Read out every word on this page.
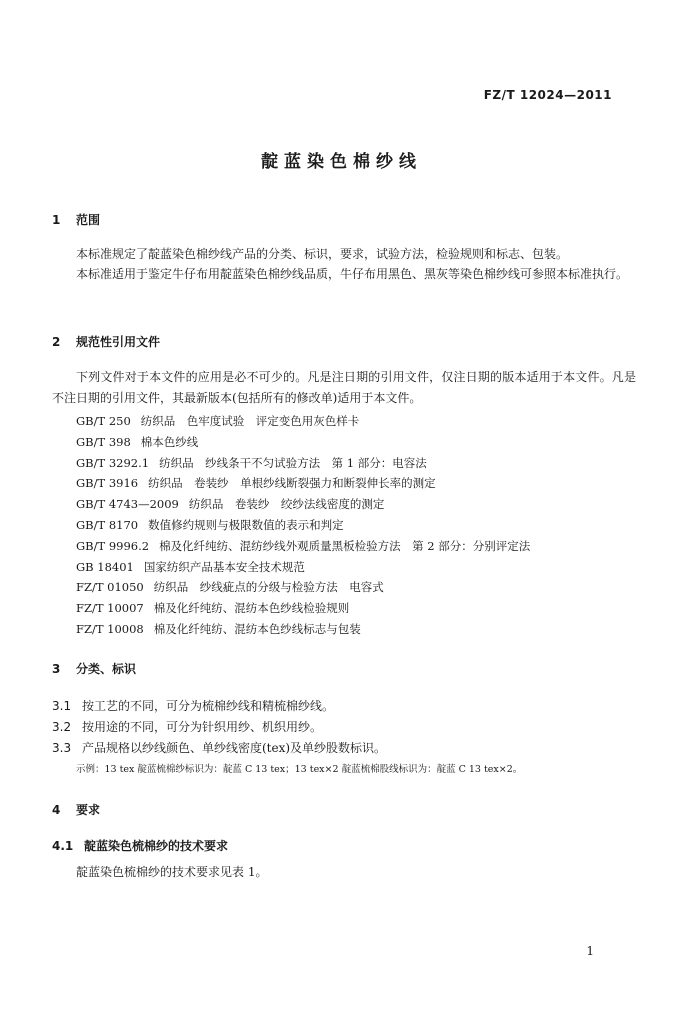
FZ/T 12024—2011
靛蓝染色棉纱线
1 范围
本标准规定了靛蓝染色棉纱线产品的分类、标识，要求，试验方法，检验规则和标志、包装。
本标准适用于鉴定牛仔布用靛蓝染色棉纱线品质，牛仔布用黑色、黑灰等染色棉纱线可参照本标准执行。
2 规范性引用文件
下列文件对于本文件的应用是必不可少的。凡是注日期的引用文件，仅注日期的版本适用于本文件。凡是不注日期的引用文件，其最新版本(包括所有的修改单)适用于本文件。
GB/T 250 纺织品　色牢度试验　评定变色用灰色样卡
GB/T 398 棉本色纱线
GB/T 3292.1 纺织品　纱线条干不匀试验方法　第 1 部分：电容法
GB/T 3916 纺织品　卷装纱　单根纱线断裂强力和断裂伸长率的测定
GB/T 4743—2009 纺织品　卷装纱　绞纱法线密度的测定
GB/T 8170 数值修约规则与极限数值的表示和判定
GB/T 9996.2 棉及化纤纯纺、混纺纱线外观质量黑板检验方法　第 2 部分：分别评定法
GB 18401 国家纺织产品基本安全技术规范
FZ/T 01050 纺织品　纱线疵点的分级与检验方法　电容式
FZ/T 10007 棉及化纤纯纺、混纺本色纱线检验规则
FZ/T 10008 棉及化纤纯纺、混纺本色纱线标志与包装
3 分类、标识
3.1 按工艺的不同，可分为梳棉纱线和精梳棉纱线。
3.2 按用途的不同，可分为针织用纱、机织用纱。
3.3 产品规格以纱线颜色、单纱线密度(tex)及单纱股数标识。
示例：13 tex 靛蓝梳棉纱标识为：靛蓝 C 13 tex；13 tex×2 靛蓝梳棉股线标识为：靛蓝 C 13 tex×2。
4 要求
4.1 靛蓝染色梳棉纱的技术要求
靛蓝染色梳棉纱的技术要求见表 1。
1
